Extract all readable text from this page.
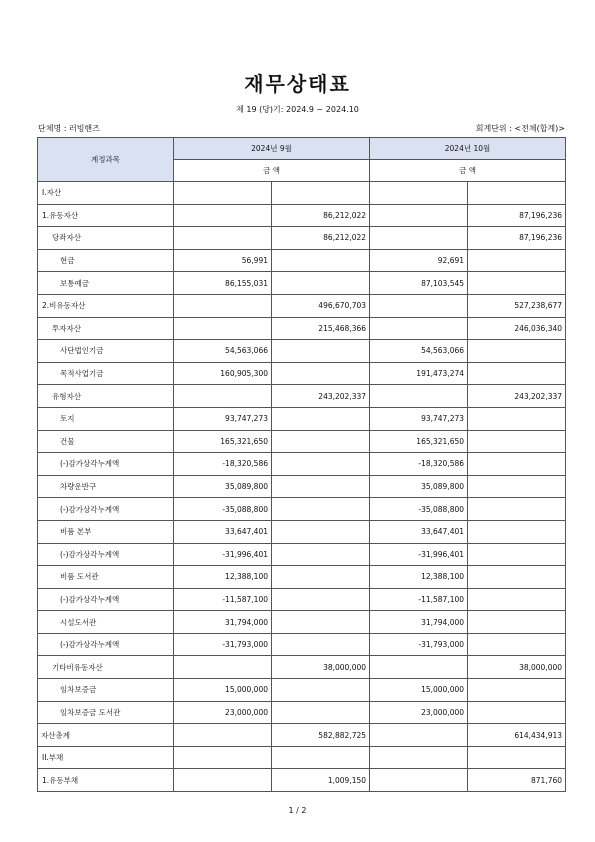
재무상태표
제 19 (당)기: 2024.9 ~ 2024.10
단체명 : 러빙핸즈	회계단위 : <전체(합계)>
계정과목	2024년 9월		2024년 10월	
	금 액		금 액	
I.자산				
1.유동자산		86,212,022		87,196,236
당좌자산		86,212,022		87,196,236
현금	56,991		92,691	
보통예금	86,155,031		87,103,545	
2.비유동자산		496,670,703		527,238,677
투자자산		215,468,366		246,036,340
사단법인기금	54,563,066		54,563,066	
목적사업기금	160,905,300		191,473,274	
유형자산		243,202,337		243,202,337
토지	93,747,273		93,747,273	
건물	165,321,650		165,321,650	
(-)감가상각누계액	-18,320,586		-18,320,586	
차량운반구	35,089,800		35,089,800	
(-)감가상각누계액	-35,088,800		-35,088,800	
비품 본부	33,647,401		33,647,401	
(-)감가상각누계액	-31,996,401		-31,996,401	
비품 도서관	12,388,100		12,388,100	
(-)감가상각누계액	-11,587,100		-11,587,100	
시설도서관	31,794,000		31,794,000	
(-)감가상각누계액	-31,793,000		-31,793,000	
기타비유동자산		38,000,000		38,000,000
임차보증금	15,000,000		15,000,000	
임차보증금 도서관	23,000,000		23,000,000	
자산총계		582,882,725		614,434,913
II.부채				
1.유동부채		1,009,150		871,760
1 / 2
